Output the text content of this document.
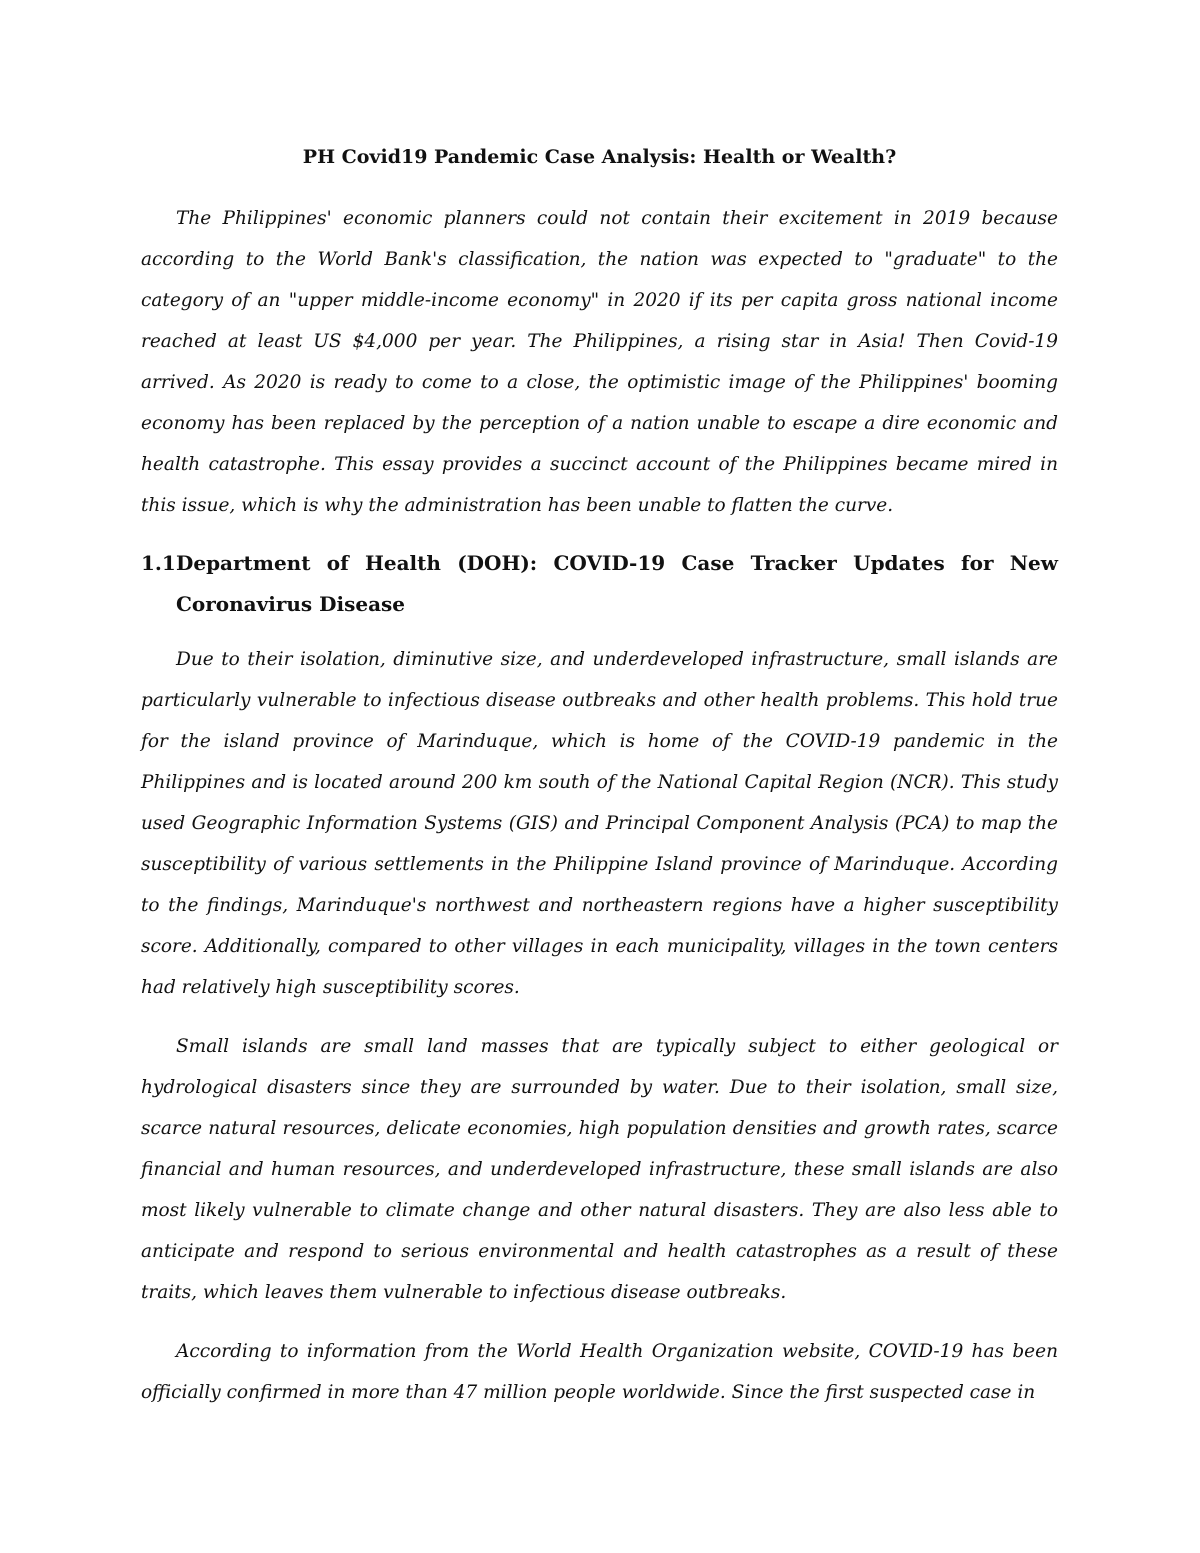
PH Covid19 Pandemic Case Analysis: Health or Wealth?

The Philippines' economic planners could not contain their excitement in 2019 because according to the World Bank's classification, the nation was expected to "graduate" to the category of an "upper middle-income economy" in 2020 if its per capita gross national income reached at least US $4,000 per year. The Philippines, a rising star in Asia! Then Covid-19 arrived. As 2020 is ready to come to a close, the optimistic image of the Philippines' booming economy has been replaced by the perception of a nation unable to escape a dire economic and health catastrophe. This essay provides a succinct account of the Philippines became mired in this issue, which is why the administration has been unable to flatten the curve.

1.1 Department of Health (DOH): COVID-19 Case Tracker Updates for New Coronavirus Disease

Due to their isolation, diminutive size, and underdeveloped infrastructure, small islands are particularly vulnerable to infectious disease outbreaks and other health problems. This hold true for the island province of Marinduque, which is home of the COVID-19 pandemic in the Philippines and is located around 200 km south of the National Capital Region (NCR). This study used Geographic Information Systems (GIS) and Principal Component Analysis (PCA) to map the susceptibility of various settlements in the Philippine Island province of Marinduque. According to the findings, Marinduque's northwest and northeastern regions have a higher susceptibility score. Additionally, compared to other villages in each municipality, villages in the town centers had relatively high susceptibility scores.

Small islands are small land masses that are typically subject to either geological or hydrological disasters since they are surrounded by water. Due to their isolation, small size, scarce natural resources, delicate economies, high population densities and growth rates, scarce financial and human resources, and underdeveloped infrastructure, these small islands are also most likely vulnerable to climate change and other natural disasters. They are also less able to anticipate and respond to serious environmental and health catastrophes as a result of these traits, which leaves them vulnerable to infectious disease outbreaks.

According to information from the World Health Organization website, COVID-19 has been officially confirmed in more than 47 million people worldwide. Since the first suspected case in
